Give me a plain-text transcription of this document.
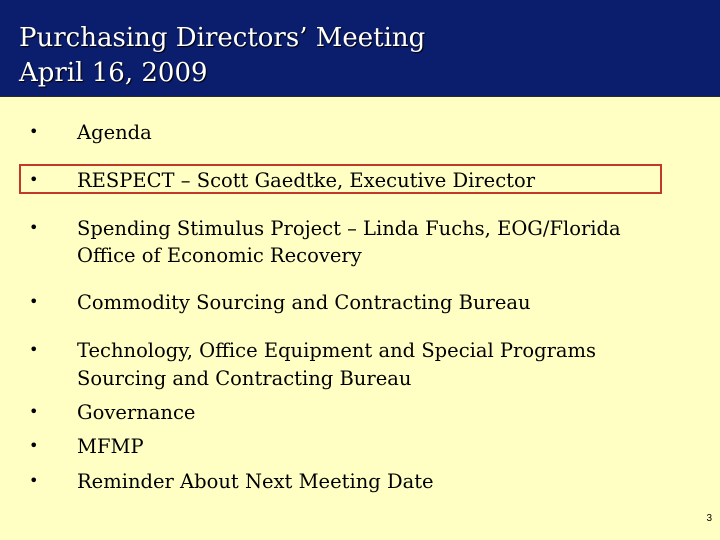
Purchasing Directors’ Meeting
April 16, 2009
• Agenda
• RESPECT – Scott Gaedtke, Executive Director
• Spending Stimulus Project – Linda Fuchs, EOG/Florida
Office of Economic Recovery
• Commodity Sourcing and Contracting Bureau
• Technology, Office Equipment and Special Programs
Sourcing and Contracting Bureau
• Governance
• MFMP
• Reminder About Next Meeting Date
3
